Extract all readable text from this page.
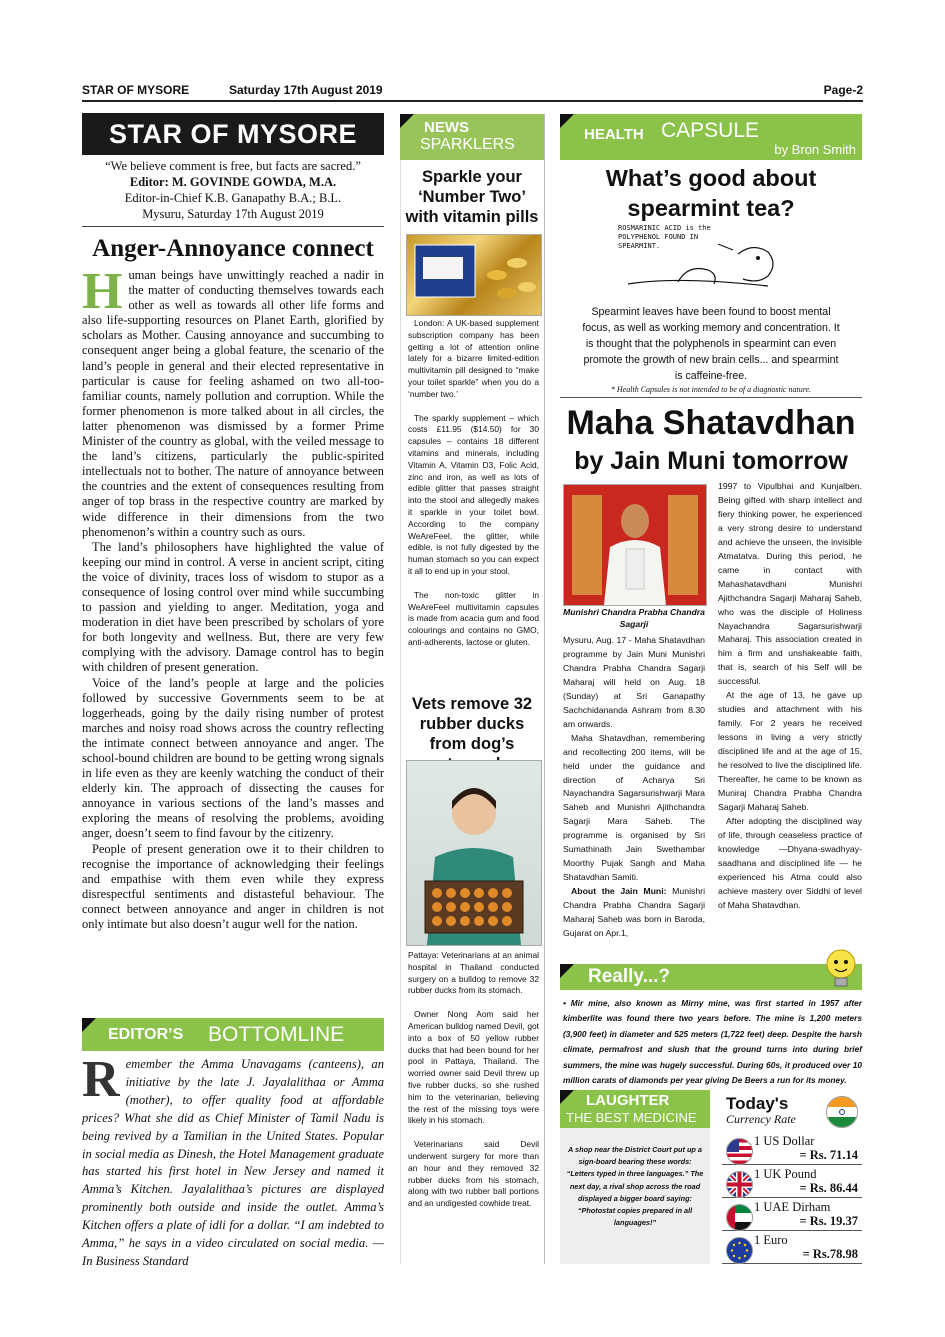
STAR OF MYSORE	Saturday 17th August 2019	Page-2
STAR OF MYSORE
“We believe comment is free, but facts are sacred.”
Editor: M. GOVINDE GOWDA, M.A.
Editor-in-Chief K.B. Ganapathy B.A.; B.L.
Mysuru, Saturday 17th August 2019
Anger-Annoyance connect
Human beings have unwittingly reached a nadir in the matter of conducting themselves towards each other as well as towards all other life forms and also life-supporting resources on Planet Earth, glorified by scholars as Mother. Causing annoyance and succumbing to consequent anger being a global feature, the scenario of the land’s people in general and their elected representative in particular is cause for feeling ashamed on two all-too-familiar counts, namely pollution and corruption. While the former phenomenon is more talked about in all circles, the latter phenomenon was dismissed by a former Prime Minister of the country as global, with the veiled message to the land’s citizens, particularly the public-spirited intellectuals not to bother. The nature of annoyance between the countries and the extent of consequences resulting from anger of top brass in the respective country are marked by wide difference in their dimensions from the two phenomenon’s within a country such as ours.
The land’s philosophers have highlighted the value of keeping our mind in control. A verse in ancient script, citing the voice of divinity, traces loss of wisdom to stupor as a consequence of losing control over mind while succumbing to passion and yielding to anger. Meditation, yoga and moderation in diet have been prescribed by scholars of yore for both longevity and wellness. But, there are very few complying with the advisory. Damage control has to begin with children of present generation.
Voice of the land’s people at large and the policies followed by successive Governments seem to be at loggerheads, going by the daily rising number of protest marches and noisy road shows across the country reflecting the intimate connect between annoyance and anger. The school-bound children are bound to be getting wrong signals in life even as they are keenly watching the conduct of their elderly kin. The approach of dissecting the causes for annoyance in various sections of the land’s masses and exploring the means of resolving the problems, avoiding anger, doesn’t seem to find favour by the citizenry.
People of present generation owe it to their children to recognise the importance of acknowledging their feelings and empathise with them even while they express disrespectful sentiments and distasteful behaviour. The connect between annoyance and anger in children is not only intimate but also doesn’t augur well for the nation.
EDITOR’S BOTTOMLINE
Remember the Amma Unavagams (canteens), an initiative by the late J. Jayalalithaa or Amma (mother), to offer quality food at affordable prices? What she did as Chief Minister of Tamil Nadu is being revived by a Tamilian in the United States. Popular in social media as Dinesh, the Hotel Management graduate has started his first hotel in New Jersey and named it Amma’s Kitchen. Jayalalithaa’s pictures are displayed prominently both outside and inside the outlet. Amma’s Kitchen offers a plate of idli for a dollar. “I am indebted to Amma,” he says in a video circulated on social media. — In Business Standard
NEWS
SPARKLERS
Sparkle your ‘Number Two’ with vitamin pills

London: A UK-based supplement subscription company has been getting a lot of attention online lately for a bizarre limited-edition multivitamin pill designed to “make your toilet sparkle” when you do a ‘number two.’

The sparkly supplement – which costs £11.95 ($14.50) for 30 capsules – contains 18 different vitamins and minerals, including Vitamin A, Vitamin D3, Folic Acid, zinc and iron, as well as lots of edible glitter that passes straight into the stool and allegedly makes it sparkle in your toilet bowl. According to the company WeAreFeel, the glitter, while edible, is not fully digested by the human stomach so you can expect it all to end up in your stool.

The non-toxic glitter in WeAreFeel multivitamin capsules is made from acacia gum and food colourings and contains no GMO, anti-adherents, lactose or gluten.

Vets remove 32 rubber ducks from dog’s

Pattaya: Veterinarians at an animal hospital in Thailand conducted surgery on a bulldog to remove 32 rubber ducks from its stomach.

Owner Nong Aom said her American bulldog named Devil, got into a box of 50 yellow rubber ducks that had been bound for her pool in Pattaya, Thailand. The worried owner said Devil threw up five rubber ducks, so she rushed him to the veterinarian, believing the rest of the missing toys were likely in his stomach.

Veterinarians said Devil underwent surgery for more than an hour and they removed 32 rubber ducks from his stomach, along with two rubber ball portions and an undigested cowhide treat.

HEALTH CAPSULE
by Bron Smith
What’s good about spearmint tea?
ROSMARINIC ACID is the POLYPHENOL FOUND IN SPEARMINT.
Spearmint leaves have been found to boost mental focus, as well as working memory and concentration. It is thought that the polyphenols in spearmint can even promote the growth of new brain cells... and spearmint is caffeine-free.
* Health Capsules is not intended to be of a diagnostic nature.
Maha Shatavdhan
by Jain Muni tomorrow
Munishri Chandra Prabha Chandra Sagarji

Mysuru, Aug. 17 - Maha Shatavdhan programme by Jain Muni Munishri Chandra Prabha Chandra Sagarji Maharaj will held on Aug. 18 (Sunday) at Sri Ganapathy Sachchidananda Ashram from 8.30 am onwards.

Maha Shatavdhan, remembering and recollecting 200 items, will be held under the guidance and direction of Acharya Sri Nayachandra Sagarsurishwarji Mara Saheb and Munishri Ajithchandra Sagarji Mara Saheb. The programme is organised by Sri Sumathinath Jain Swethambar Moorthy Pujak Sangh and Maha Shatavdhan Samiti.

About the Jain Muni: Munishri Chandra Prabha Chandra Sagarji Maharaj Saheb was born in Baroda, Gujarat on Apr.1,

1997 to Vipulbhai and Kunjalben. Being gifted with sharp intellect and fiery thinking power, he experienced a very strong desire to understand and achieve the unseen, the invisible Atmatatva. During this period, he came in contact with Mahashatavdhani Munishri Ajithchandra Sagarji Maharaj Saheb, who was the disciple of Holiness Nayachandra Sagarsurishwarji Maharaj. This association created in him a firm and unshakeable faith, that is, search of his Self will be successful.

At the age of 13, he gave up studies and attachment with his family. For 2 years he received lessons in living a very strictly disciplined life and at the age of 15, he resolved to live the disciplined life. Thereafter, he came to be known as Muniraj Chandra Prabha Chandra Sagarji Maharaj Saheb.

After adopting the disciplined way of life, through ceaseless practice of knowledge —Dhyana-swadhyay-saadhana and disciplined life — he experienced his Atma could also achieve mastery over Siddhi of level of Maha Shatavdhan.

Really...?
• Mir mine, also known as Mirny mine, was first started in 1957 after kimberlite was found there two years before. The mine is 1,200 meters (3,900 feet) in diameter and 525 meters (1,722 feet) deep. Despite the harsh climate, permafrost and slush that the ground turns into during brief summers, the mine was hugely successful. During 60s, it produced over 10 million carats of diamonds per year giving De Beers a run for its money.
LAUGHTER
THE BEST MEDICINE
A shop near the District Court put up a sign-board bearing these words: “Letters typed in three languages.” The next day, a rival shop across the road displayed a bigger board saying: “Photostat copies prepared in all languages!”
Today's
Currency Rate
1 US Dollar
= Rs. 71.14
1 UK Pound
= Rs. 86.44
1 UAE Dirham
= Rs. 19.37
1 Euro
= Rs.78.98
